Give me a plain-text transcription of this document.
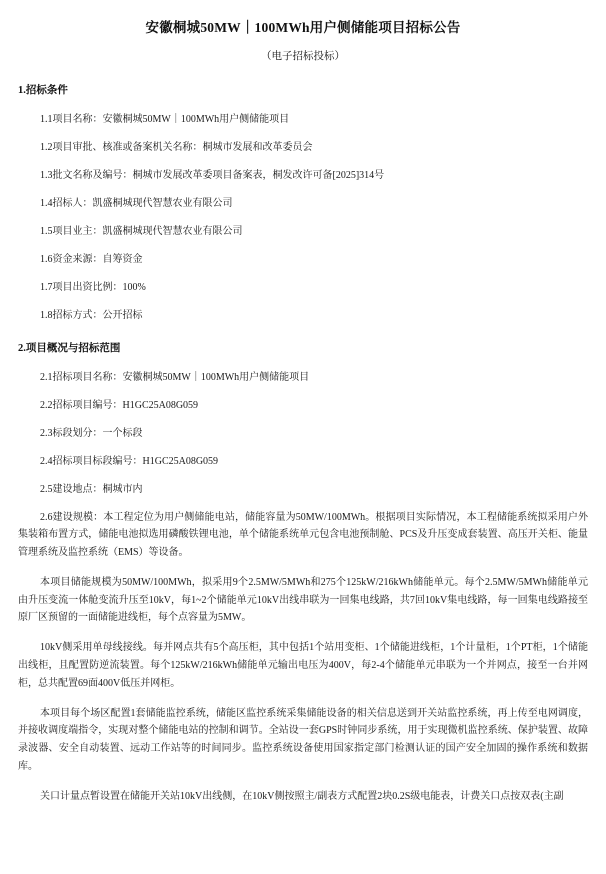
安徽桐城50MW｜100MWh用户侧储能项目招标公告

（电子招标投标）

1.招标条件

1.1项目名称：安徽桐城50MW｜100MWh用户侧储能项目

1.2项目审批、核准或备案机关名称：桐城市发展和改革委员会

1.3批文名称及编号：桐城市发展改革委项目备案表，桐发改许可备[2025]314号

1.4招标人：凯盛桐城现代智慧农业有限公司

1.5项目业主：凯盛桐城现代智慧农业有限公司

1.6资金来源：自筹资金

1.7项目出资比例：100%

1.8招标方式：公开招标

2.项目概况与招标范围

2.1招标项目名称：安徽桐城50MW｜100MWh用户侧储能项目

2.2招标项目编号：H1GC25A08G059

2.3标段划分：一个标段

2.4招标项目标段编号：H1GC25A08G059

2.5建设地点：桐城市内

2.6建设规模：本工程定位为用户侧储能电站，储能容量为50MW/100MWh。根据项目实际情况，本工程储能系统拟采用户外集装箱布置方式，储能电池拟选用磷酸铁锂电池，单个储能系统单元包含电池预制舱、PCS及升压变成套装置、高压开关柜、能量管理系统及监控系统（EMS）等设备。

本项目储能规模为50MW/100MWh，拟采用9个2.5MW/5MWh和275个125kW/216kWh储能单元。每个2.5MW/5MWh储能单元由升压变流一体舱变流升压至10kV，每1~2个储能单元10kV出线串联为一回集电线路，共7回10kV集电线路，每一回集电线路接至原厂区预留的一面储能进线柜，每个点容量为5MW。

10kV侧采用单母线接线。每并网点共有5个高压柜，其中包括1个站用变柜、1个储能进线柜，1个计量柜，1个PT柜，1个储能出线柜，且配置防逆流装置。每个125kW/216kWh储能单元输出电压为400V，每2-4个储能单元串联为一个并网点，接至一台并网柜，总共配置69面400V低压并网柜。

本项目每个场区配置1套储能监控系统，储能区监控系统采集储能设备的相关信息送到开关站监控系统，再上传至电网调度，并接收调度端指令，实现对整个储能电站的控制和调节。全站设一套GPS时钟同步系统，用于实现微机监控系统、保护装置、故障录波器、安全自动装置、远动工作站等的时间同步。监控系统设备使用国家指定部门检测认证的国产安全加固的操作系统和数据库。

关口计量点暂设置在储能开关站10kV出线侧，在10kV侧按照主/副表方式配置2块0.2S级电能表，计费关口点按双表(主副
